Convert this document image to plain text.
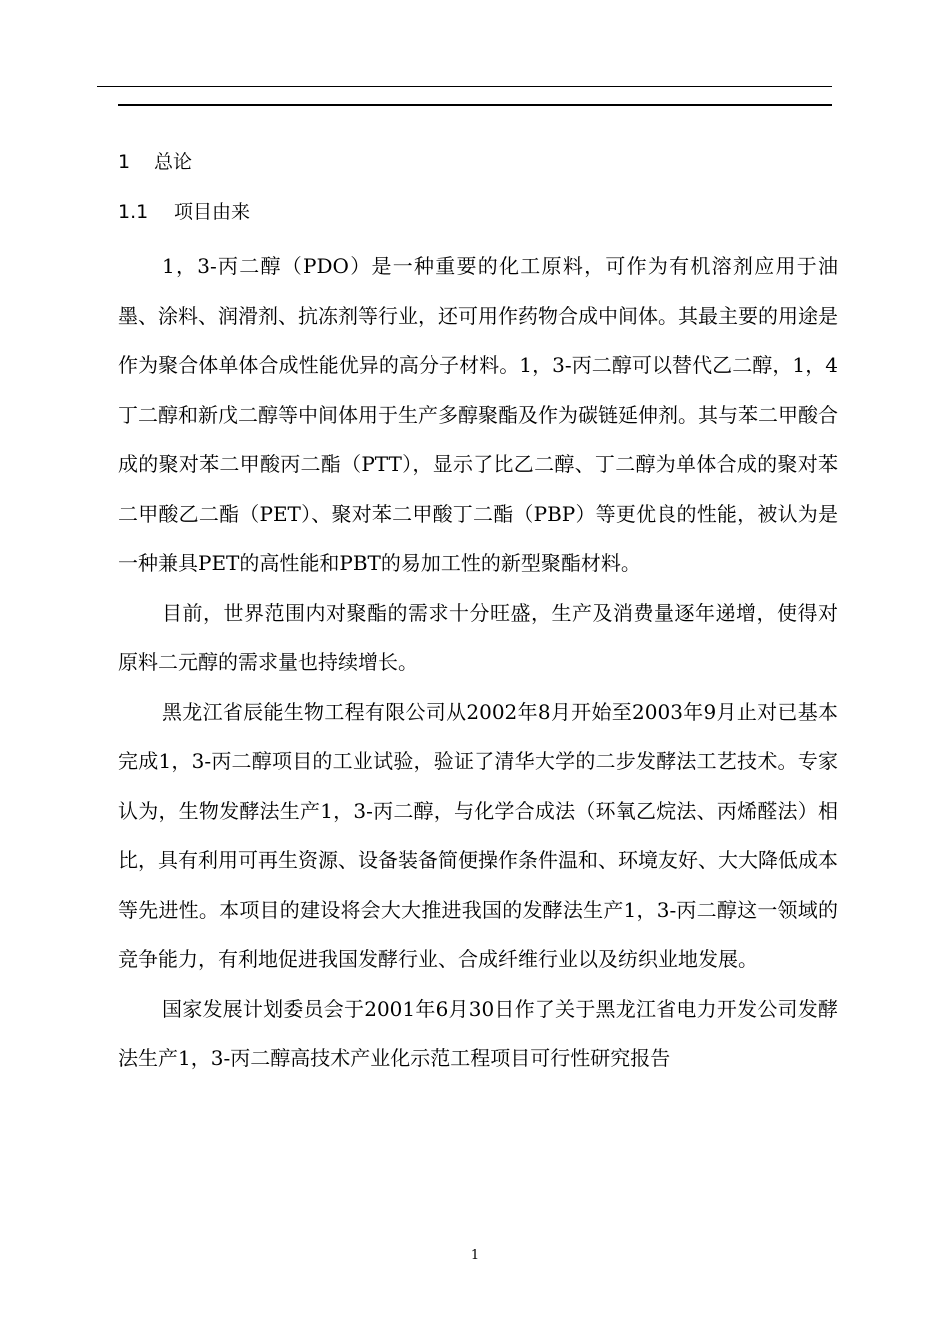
1 总论
1.1 项目由来

1，3-丙二醇（PDO）是一种重要的化工原料，可作为有机溶剂应用于油墨、涂料、润滑剂、抗冻剂等行业，还可用作药物合成中间体。其最主要的用途是作为聚合体单体合成性能优异的高分子材料。1，3-丙二醇可以替代乙二醇，1，4丁二醇和新戊二醇等中间体用于生产多醇聚酯及作为碳链延伸剂。其与苯二甲酸合成的聚对苯二甲酸丙二酯（PTT），显示了比乙二醇、丁二醇为单体合成的聚对苯二甲酸乙二酯（PET）、聚对苯二甲酸丁二酯（PBP）等更优良的性能，被认为是一种兼具PET的高性能和PBT的易加工性的新型聚酯材料。

目前，世界范围内对聚酯的需求十分旺盛，生产及消费量逐年递增，使得对原料二元醇的需求量也持续增长。

黑龙江省辰能生物工程有限公司从2002年8月开始至2003年9月止对已基本完成1，3-丙二醇项目的工业试验，验证了清华大学的二步发酵法工艺技术。专家认为，生物发酵法生产1，3-丙二醇，与化学合成法（环氧乙烷法、丙烯醛法）相比，具有利用可再生资源、设备装备简便操作条件温和、环境友好、大大降低成本等先进性。本项目的建设将会大大推进我国的发酵法生产1，3-丙二醇这一领域的竞争能力，有利地促进我国发酵行业、合成纤维行业以及纺织业地发展。

国家发展计划委员会于2001年6月30日作了关于黑龙江省电力开发公司发酵法生产1，3-丙二醇高技术产业化示范工程项目可行性研究报告

1
